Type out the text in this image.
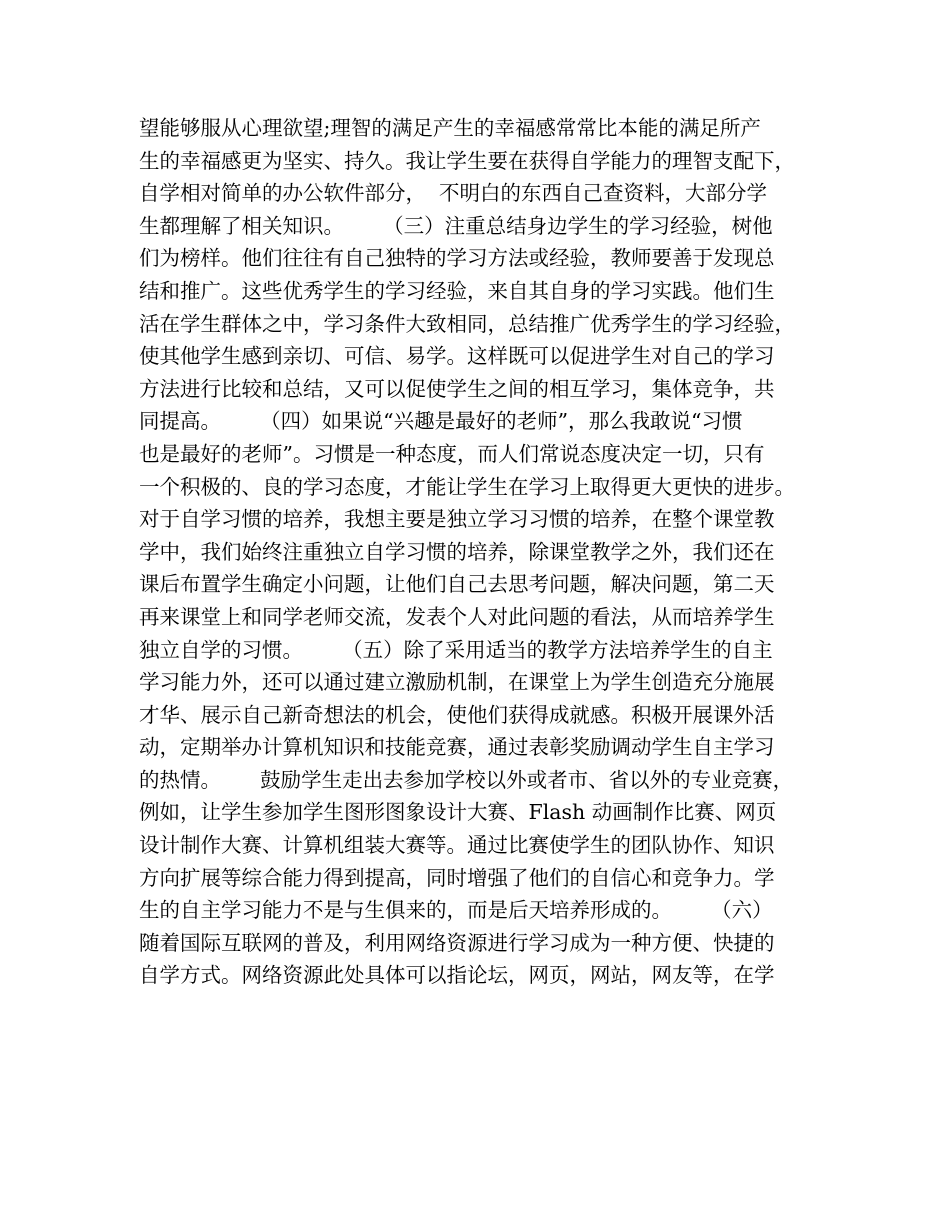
望能够服从心理欲望;理智的满足产生的幸福感常常比本能的满足所产
生的幸福感更为坚实、持久。我让学生要在获得自学能力的理智支配下，
自学相对简单的办公软件部分，  不明白的东西自己查资料，大部分学
生都理解了相关知识。      （三）注重总结身边学生的学习经验，树他
们为榜样。他们往往有自己独特的学习方法或经验，教师要善于发现总
结和推广。这些优秀学生的学习经验，来自其自身的学习实践。他们生
活在学生群体之中，学习条件大致相同，总结推广优秀学生的学习经验，
使其他学生感到亲切、可信、易学。这样既可以促进学生对自己的学习
方法进行比较和总结，又可以促使学生之间的相互学习，集体竞争，共
同提高。      （四）如果说“兴趣是最好的老师”，那么我敢说“习惯
也是最好的老师”。习惯是一种态度，而人们常说态度决定一切，只有
一个积极的、良的学习态度，才能让学生在学习上取得更大更快的进步。
对于自学习惯的培养，我想主要是独立学习习惯的培养，在整个课堂教
学中，我们始终注重独立自学习惯的培养，除课堂教学之外，我们还在
课后布置学生确定小问题，让他们自己去思考问题，解决问题，第二天
再来课堂上和同学老师交流，发表个人对此问题的看法，从而培养学生
独立自学的习惯。      （五）除了采用适当的教学方法培养学生的自主
学习能力外，还可以通过建立激励机制，在课堂上为学生创造充分施展
才华、展示自己新奇想法的机会，使他们获得成就感。积极开展课外活
动，定期举办计算机知识和技能竞赛，通过表彰奖励调动学生自主学习
的热情。      鼓励学生走出去参加学校以外或者市、省以外的专业竞赛，
例如，让学生参加学生图形图象设计大赛、Flash 动画制作比赛、网页
设计制作大赛、计算机组装大赛等。通过比赛使学生的团队协作、知识
方向扩展等综合能力得到提高，同时增强了他们的自信心和竞争力。学
生的自主学习能力不是与生俱来的，而是后天培养形成的。      （六）
随着国际互联网的普及，利用网络资源进行学习成为一种方便、快捷的
自学方式。网络资源此处具体可以指论坛，网页，网站，网友等，在学
